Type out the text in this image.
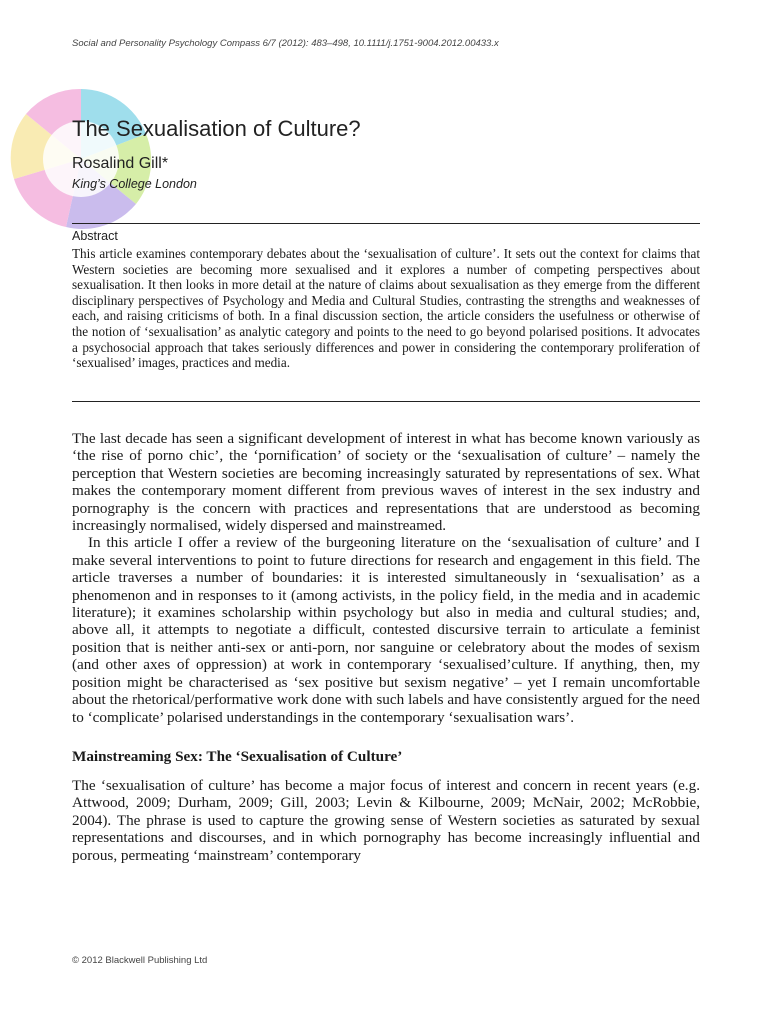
Social and Personality Psychology Compass 6/7 (2012): 483–498, 10.1111/j.1751-9004.2012.00433.x
The Sexualisation of Culture?
Rosalind Gill*
King’s College London
Abstract

This article examines contemporary debates about the ‘sexualisation of culture’. It sets out the context for claims that Western societies are becoming more sexualised and it explores a number of competing perspectives about sexualisation. It then looks in more detail at the nature of claims about sexualisation as they emerge from the different disciplinary perspectives of Psychology and Media and Cultural Studies, contrasting the strengths and weaknesses of each, and raising criticisms of both. In a final discussion section, the article considers the usefulness or otherwise of the notion of ‘sexualisation’ as analytic category and points to the need to go beyond polarised positions. It advocates a psychosocial approach that takes seriously differences and power in considering the contemporary proliferation of ‘sexualised’ images, practices and media.

The last decade has seen a significant development of interest in what has become known variously as ‘the rise of porno chic’, the ‘pornification’ of society or the ‘sexualisation of culture’ – namely the perception that Western societies are becoming increasingly saturated by representations of sex. What makes the contemporary moment different from previous waves of interest in the sex industry and pornography is the concern with practices and representations that are understood as becoming increasingly normalised, widely dispersed and mainstreamed.

In this article I offer a review of the burgeoning literature on the ‘sexualisation of culture’ and I make several interventions to point to future directions for research and engagement in this field. The article traverses a number of boundaries: it is interested simultaneously in ‘sexualisation’ as a phenomenon and in responses to it (among activists, in the policy field, in the media and in academic literature); it examines scholarship within psychology but also in media and cultural studies; and, above all, it attempts to negotiate a difficult, contested discursive terrain to articulate a feminist position that is neither anti-sex or anti-porn, nor sanguine or celebratory about the modes of sexism (and other axes of oppression) at work in contemporary ‘sexualised’culture. If anything, then, my position might be characterised as ‘sex positive but sexism negative’ – yet I remain uncomfortable about the rhetorical/performative work done with such labels and have consistently argued for the need to ‘complicate’ polarised understandings in the contemporary ‘sexualisation wars’.

Mainstreaming Sex: The ‘Sexualisation of Culture’

The ‘sexualisation of culture’ has become a major focus of interest and concern in recent years (e.g. Attwood, 2009; Durham, 2009; Gill, 2003; Levin & Kilbourne, 2009; McNair, 2002; McRobbie, 2004). The phrase is used to capture the growing sense of Western societies as saturated by sexual representations and discourses, and in which pornography has become increasingly influential and porous, permeating ‘mainstream’ contemporary

© 2012 Blackwell Publishing Ltd
